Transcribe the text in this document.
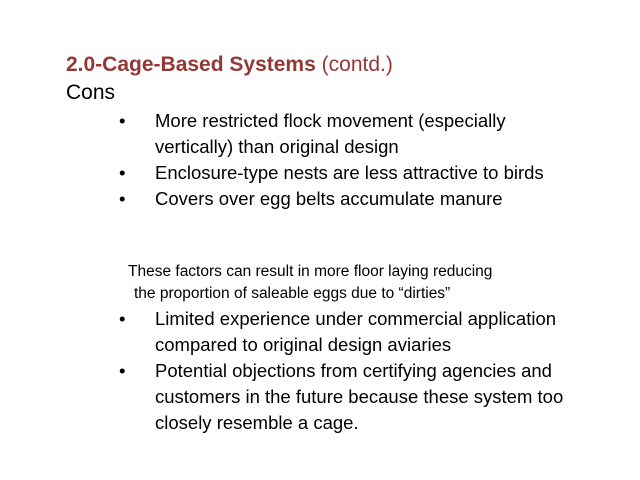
2.0-Cage-Based Systems (contd.)
Cons
• More restricted flock movement (especially vertically) than original design
• Enclosure-type nests are less attractive to birds
• Covers over egg belts accumulate manure
These factors can result in more floor laying reducing
the proportion of saleable eggs due to “dirties”
• Limited experience under commercial application compared to original design aviaries
• Potential objections from certifying agencies and customers in the future because these system too closely resemble a cage.
